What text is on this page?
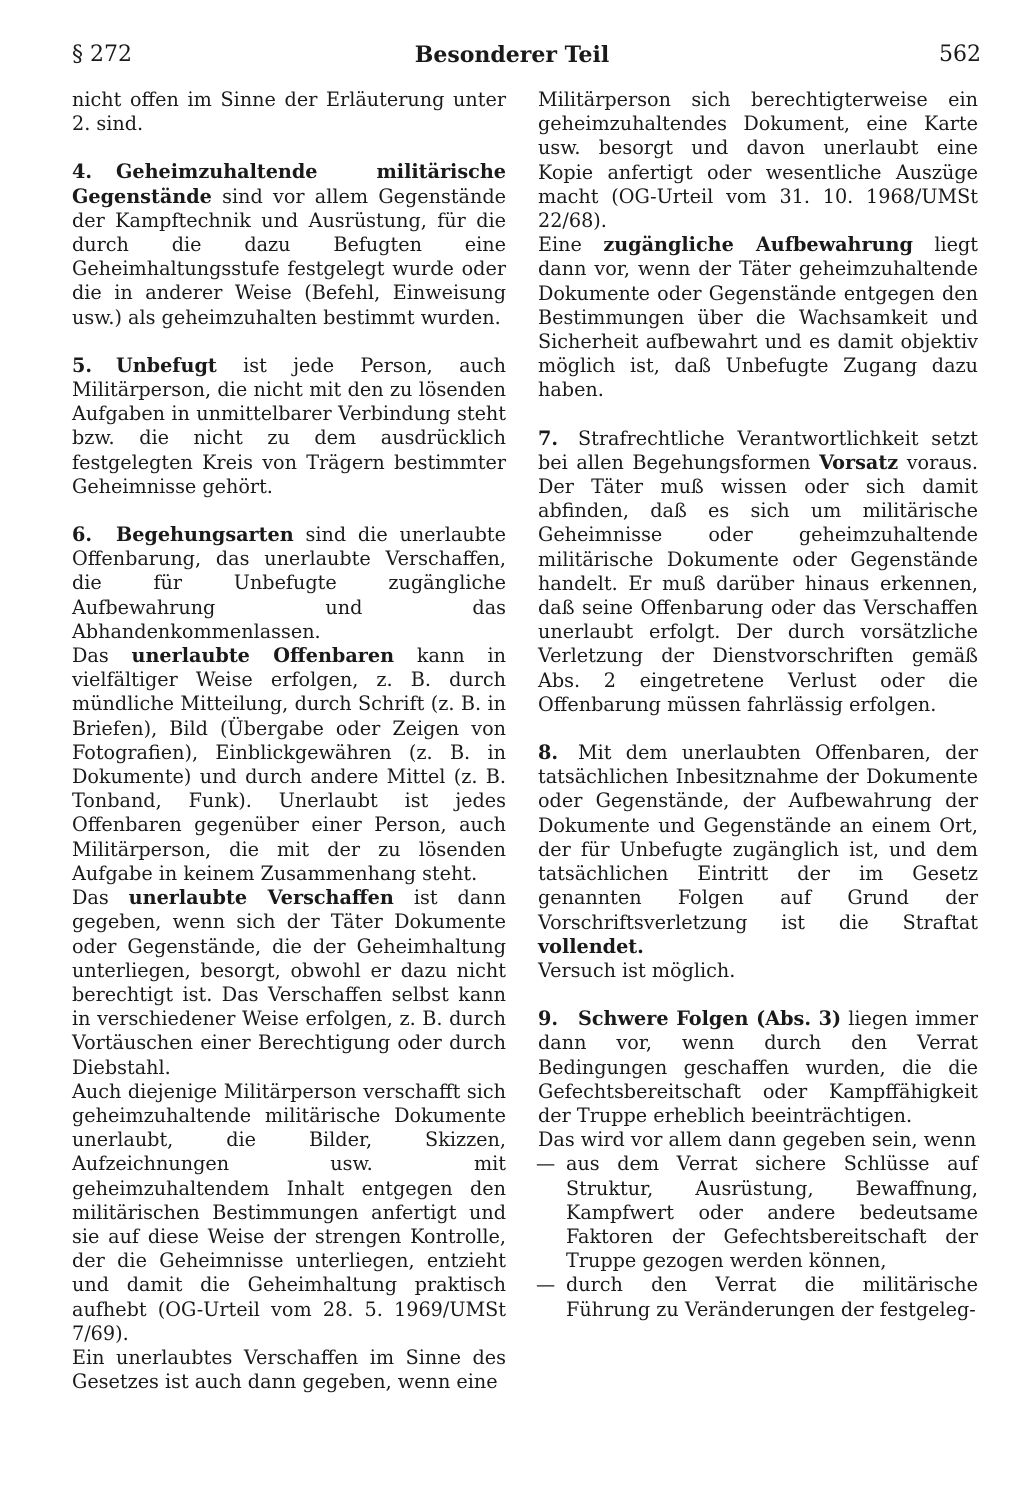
§ 272	Besonderer Teil	562

nicht offen im Sinne der Erläuterung unter 2. sind.

4. Geheimzuhaltende militärische Gegenstände sind vor allem Gegenstände der Kampftechnik und Ausrüstung, für die durch die dazu Befugten eine Geheimhaltungsstufe festgelegt wurde oder die in anderer Weise (Befehl, Einweisung usw.) als geheimzuhalten bestimmt wurden.

5. Unbefugt ist jede Person, auch Militärperson, die nicht mit den zu lösenden Aufgaben in unmittelbarer Verbindung steht bzw. die nicht zu dem ausdrücklich festgelegten Kreis von Trägern bestimmter Geheimnisse gehört.

6. Begehungsarten sind die unerlaubte Offenbarung, das unerlaubte Verschaffen, die für Unbefugte zugängliche Aufbewahrung und das Abhandenkommenlassen.

Das unerlaubte Offenbaren kann in vielfältiger Weise erfolgen, z. B. durch mündliche Mitteilung, durch Schrift (z. B. in Briefen), Bild (Übergabe oder Zeigen von Fotografien), Einblickgewähren (z. B. in Dokumente) und durch andere Mittel (z. B. Tonband, Funk). Unerlaubt ist jedes Offenbaren gegenüber einer Person, auch Militärperson, die mit der zu lösenden Aufgabe in keinem Zusammenhang steht.

Das unerlaubte Verschaffen ist dann gegeben, wenn sich der Täter Dokumente oder Gegenstände, die der Geheimhaltung unterliegen, besorgt, obwohl er dazu nicht berechtigt ist. Das Verschaffen selbst kann in verschiedener Weise erfolgen, z. B. durch Vortäuschen einer Berechtigung oder durch Diebstahl.

Auch diejenige Militärperson verschafft sich geheimzuhaltende militärische Dokumente unerlaubt, die Bilder, Skizzen, Aufzeichnungen usw. mit geheimzuhaltendem Inhalt entgegen den militärischen Bestimmungen anfertigt und sie auf diese Weise der strengen Kontrolle, der die Geheimnisse unterliegen, entzieht und damit die Geheimhaltung praktisch aufhebt (OG-Urteil vom 28. 5. 1969/UMSt 7/69).

Ein unerlaubtes Verschaffen im Sinne des Gesetzes ist auch dann gegeben, wenn eine

Militärperson sich berechtigterweise ein geheimzuhaltendes Dokument, eine Karte usw. besorgt und davon unerlaubt eine Kopie anfertigt oder wesentliche Auszüge macht (OG-Urteil vom 31. 10. 1968/UMSt 22/68).

Eine zugängliche Aufbewahrung liegt dann vor, wenn der Täter geheimzuhaltende Dokumente oder Gegenstände entgegen den Bestimmungen über die Wachsamkeit und Sicherheit aufbewahrt und es damit objektiv möglich ist, daß Unbefugte Zugang dazu haben.

7. Strafrechtliche Verantwortlichkeit setzt bei allen Begehungsformen Vorsatz voraus. Der Täter muß wissen oder sich damit abfinden, daß es sich um militärische Geheimnisse oder geheimzuhaltende militärische Dokumente oder Gegenstände handelt. Er muß darüber hinaus erkennen, daß seine Offenbarung oder das Verschaffen unerlaubt erfolgt. Der durch vorsätzliche Verletzung der Dienstvorschriften gemäß Abs. 2 eingetretene Verlust oder die Offenbarung müssen fahrlässig erfolgen.

8. Mit dem unerlaubten Offenbaren, der tatsächlichen Inbesitznahme der Dokumente oder Gegenstände, der Aufbewahrung der Dokumente und Gegenstände an einem Ort, der für Unbefugte zugänglich ist, und dem tatsächlichen Eintritt der im Gesetz genannten Folgen auf Grund der Vorschriftsverletzung ist die Straftat vollendet.

Versuch ist möglich.

9. Schwere Folgen (Abs. 3) liegen immer dann vor, wenn durch den Verrat Bedingungen geschaffen wurden, die die Gefechtsbereitschaft oder Kampffähigkeit der Truppe erheblich beeinträchtigen.

Das wird vor allem dann gegeben sein, wenn

— aus dem Verrat sichere Schlüsse auf Struktur, Ausrüstung, Bewaffnung, Kampfwert oder andere bedeutsame Faktoren der Gefechtsbereitschaft der Truppe gezogen werden können,
— durch den Verrat die militärische Führung zu Veränderungen der festgeleg-
